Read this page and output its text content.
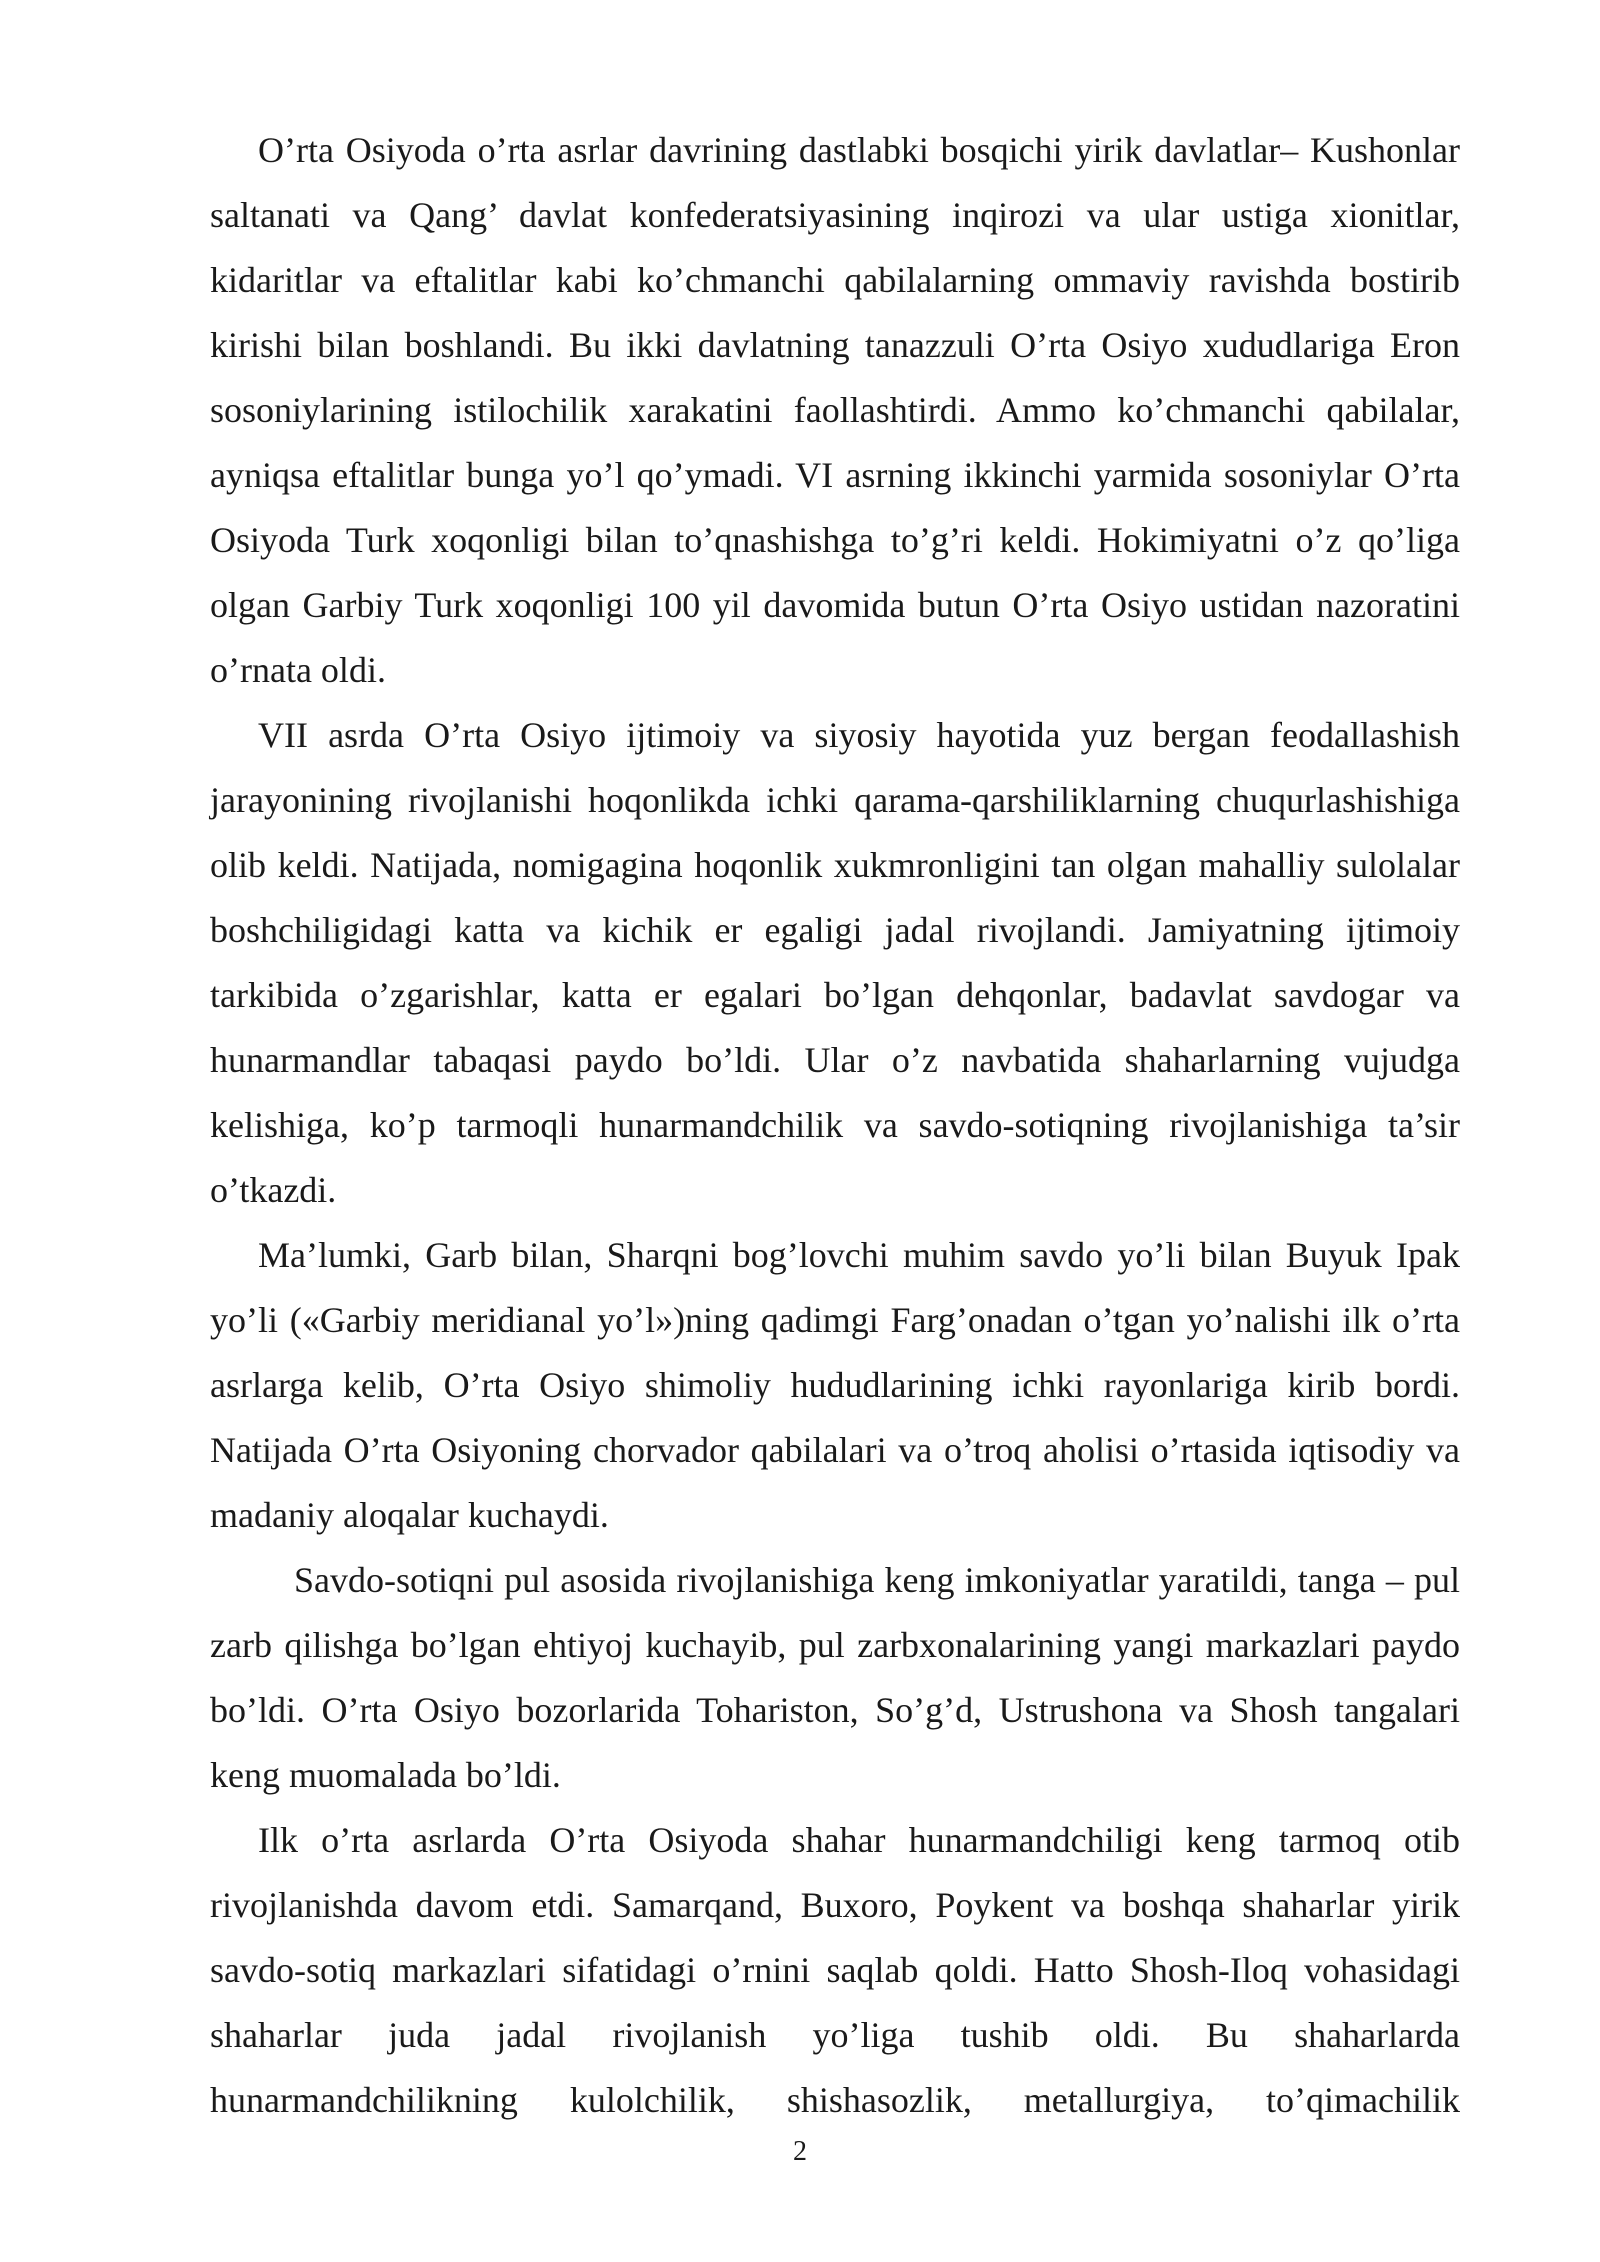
O’rta Osiyoda o’rta asrlar davrining dastlabki bosqichi yirik davlatlar– Kushonlar saltanati va Qang’ davlat konfederatsiyasining inqirozi va ular ustiga xionitlar, kidaritlar va eftalitlar kabi ko’chmanchi qabilalarning ommaviy ravishda bostirib kirishi bilan boshlandi. Bu ikki davlatning tanazzuli O’rta Osiyo xududlariga Eron sosoniylarining istilochilik xarakatini faollashtirdi. Ammo ko’chmanchi qabilalar, ayniqsa eftalitlar bunga yo’l qo’ymadi. VI asrning ikkinchi yarmida sosoniylar O’rta Osiyoda Turk xoqonligi bilan to’qnashishga to’g’ri keldi. Hokimiyatni o’z qo’liga olgan Garbiy Turk xoqonligi 100 yil davomida butun O’rta Osiyo ustidan nazoratini o’rnata oldi.

VII asrda O’rta Osiyo ijtimoiy va siyosiy hayotida yuz bergan feodallashish jarayonining rivojlanishi hoqonlikda ichki qarama-qarshiliklarning chuqurlashishiga olib keldi. Natijada, nomigagina hoqonlik xukmronligini tan olgan mahalliy sulolalar boshchiligidagi katta va kichik er egaligi jadal rivojlandi. Jamiyatning ijtimoiy tarkibida o’zgarishlar, katta er egalari bo’lgan dehqonlar, badavlat savdogar va hunarmandlar tabaqasi paydo bo’ldi. Ular o’z navbatida shaharlarning vujudga kelishiga, ko’p tarmoqli hunarmandchilik va savdo-sotiqning rivojlanishiga ta’sir o’tkazdi.

Ma’lumki, Garb bilan, Sharqni bog’lovchi muhim savdo yo’li bilan Buyuk Ipak yo’li («Garbiy meridianal yo’l»)ning qadimgi Farg’onadan o’tgan yo’nalishi ilk o’rta asrlarga kelib, O’rta Osiyo shimoliy hududlarining ichki rayonlariga kirib bordi. Natijada O’rta Osiyoning chorvador qabilalari va o’troq aholisi o’rtasida iqtisodiy va madaniy aloqalar kuchaydi.

Savdo-sotiqni pul asosida rivojlanishiga keng imkoniyatlar yaratildi, tanga – pul zarb qilishga bo’lgan ehtiyoj kuchayib, pul zarbxonalarining yangi markazlari paydo bo’ldi. O’rta Osiyo bozorlarida Tohariston, So’g’d, Ustrushona va Shosh tangalari keng muomalada bo’ldi.

Ilk o’rta asrlarda O’rta Osiyoda shahar hunarmandchiligi keng tarmoq otib rivojlanishda davom etdi. Samarqand, Buxoro, Poykent va boshqa shaharlar yirik savdo-sotiq markazlari sifatidagi o’rnini saqlab qoldi. Hatto Shosh-Iloq vohasidagi shaharlar juda jadal rivojlanish yo’liga tushib oldi. Bu shaharlarda hunarmandchilikning kulolchilik, shishasozlik, metallurgiya, to’qimachilik

2
